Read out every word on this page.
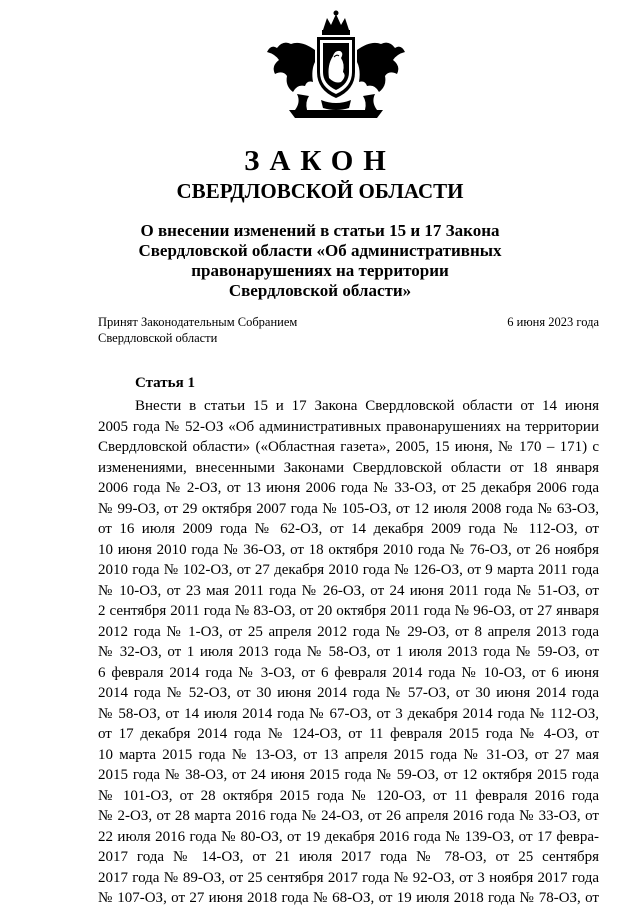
ЗАКОН
СВЕРДЛОВСКОЙ ОБЛАСТИ
О внесении изменений в статьи 15 и 17 Закона
Свердловской области «Об административных
правонарушениях на территории
Свердловской области»
Принят Законодательным Собранием
Свердловской области
6 июня 2023 года
Статья 1
Внести в статьи 15 и 17 Закона Свердловской области от 14 июня
2005 года № 52-ОЗ «Об административных правонарушениях на территории
Свердловской области» («Областная газета», 2005, 15 июня, № 170 – 171) с
изменениями, внесенными Законами Свердловской области от 18 января
2006 года № 2-ОЗ, от 13 июня 2006 года № 33-ОЗ, от 25 декабря 2006 года
№ 99-ОЗ, от 29 октября 2007 года № 105-ОЗ, от 12 июля 2008 года № 63-ОЗ,
от 16 июля 2009 года № 62-ОЗ, от 14 декабря 2009 года № 112-ОЗ, от
10 июня 2010 года № 36-ОЗ, от 18 октября 2010 года № 76-ОЗ, от 26 ноября
2010 года № 102-ОЗ, от 27 декабря 2010 года № 126-ОЗ, от 9 марта 2011 года
№ 10-ОЗ, от 23 мая 2011 года № 26-ОЗ, от 24 июня 2011 года № 51-ОЗ, от
2 сентября 2011 года № 83-ОЗ, от 20 октября 2011 года № 96-ОЗ, от 27 января
2012 года № 1-ОЗ, от 25 апреля 2012 года № 29-ОЗ, от 8 апреля 2013 года
№ 32-ОЗ, от 1 июля 2013 года № 58-ОЗ, от 1 июля 2013 года № 59-ОЗ, от
6 февраля 2014 года № 3-ОЗ, от 6 февраля 2014 года № 10-ОЗ, от 6 июня
2014 года № 52-ОЗ, от 30 июня 2014 года № 57-ОЗ, от 30 июня 2014 года
№ 58-ОЗ, от 14 июля 2014 года № 67-ОЗ, от 3 декабря 2014 года № 112-ОЗ,
от 17 декабря 2014 года № 124-ОЗ, от 11 февраля 2015 года № 4-ОЗ, от
10 марта 2015 года № 13-ОЗ, от 13 апреля 2015 года № 31-ОЗ, от 27 мая
2015 года № 38-ОЗ, от 24 июня 2015 года № 59-ОЗ, от 12 октября 2015 года
№ 101-ОЗ, от 28 октября 2015 года № 120-ОЗ, от 11 февраля 2016 года
№ 2-ОЗ, от 28 марта 2016 года № 24-ОЗ, от 26 апреля 2016 года № 33-ОЗ, от
22 июля 2016 года № 80-ОЗ, от 19 декабря 2016 года № 139-ОЗ, от 17 февра-
2017 года № 14-ОЗ, от 21 июля 2017 года № 78-ОЗ, от 25 сентября
2017 года № 89-ОЗ, от 25 сентября 2017 года № 92-ОЗ, от 3 ноября 2017 года
№ 107-ОЗ, от 27 июня 2018 года № 68-ОЗ, от 19 июля 2018 года № 78-ОЗ, от
